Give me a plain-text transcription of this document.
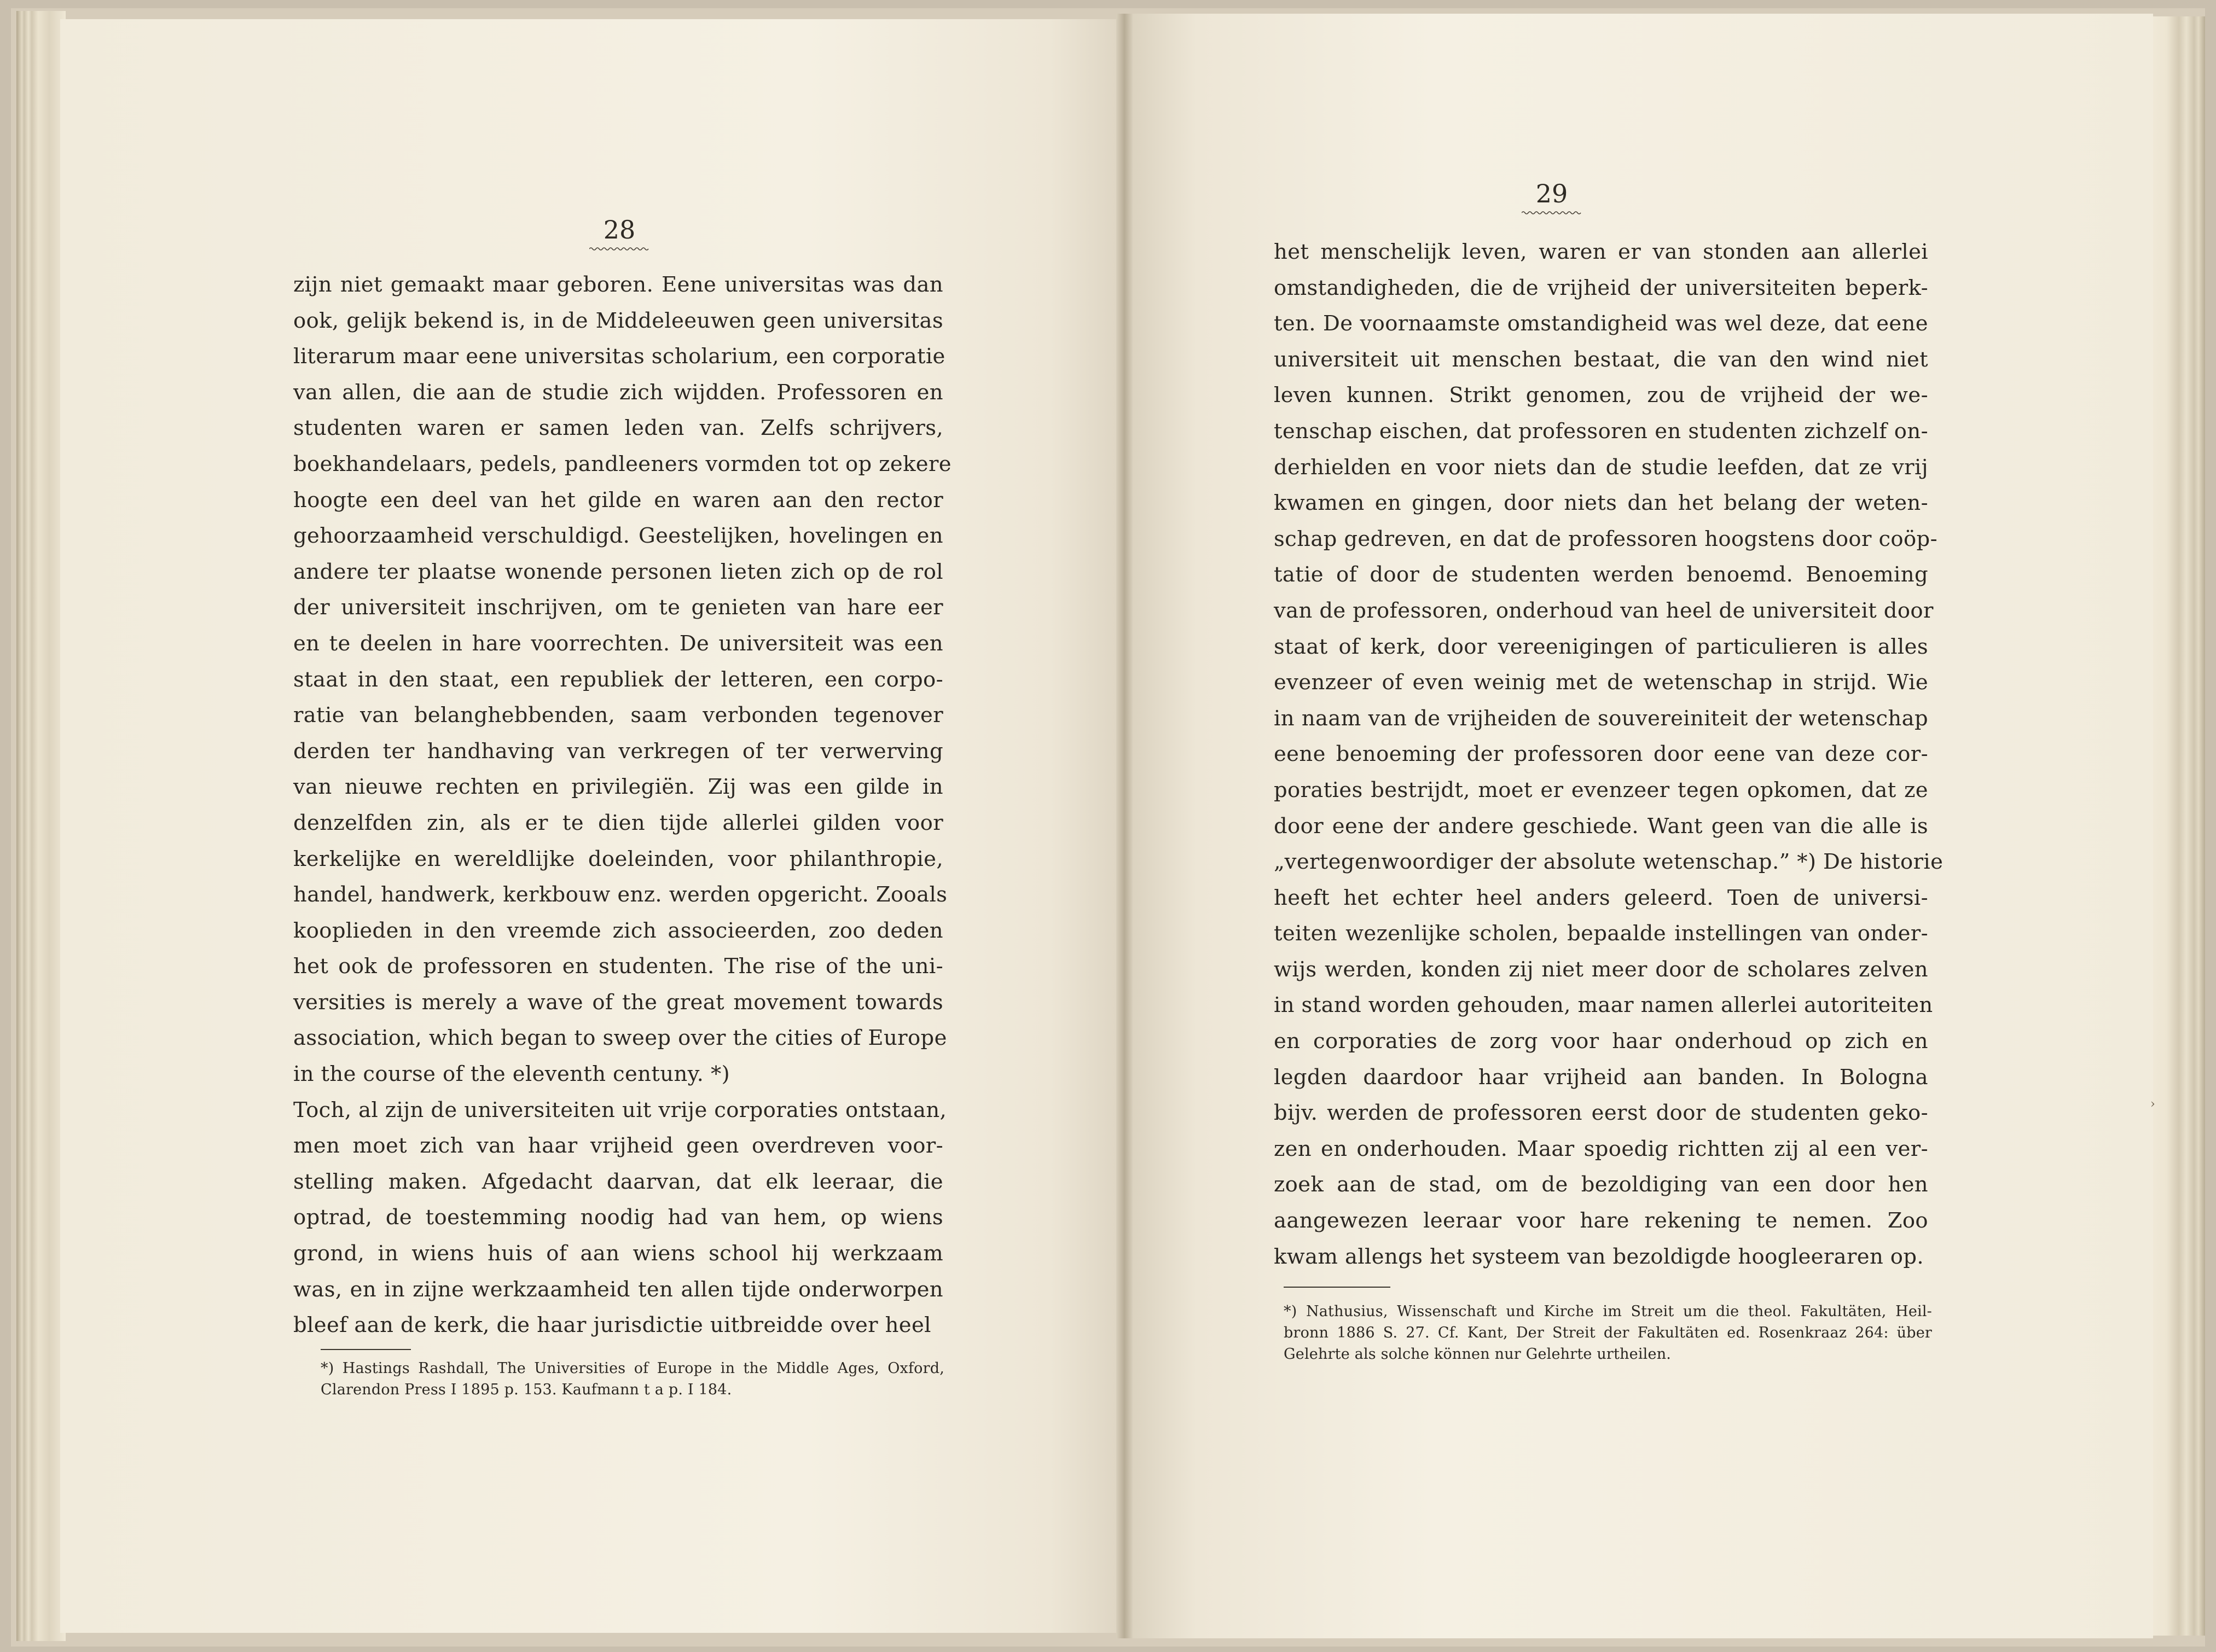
28
zijn niet gemaakt maar geboren. Eene universitas was dan
ook, gelijk bekend is, in de Middeleeuwen geen universitas
literarum maar eene universitas scholarium, een corporatie
van allen, die aan de studie zich wijdden. Professoren en
studenten waren er samen leden van. Zelfs schrijvers,
boekhandelaars, pedels, pandleeners vormden tot op zekere
hoogte een deel van het gilde en waren aan den rector
gehoorzaamheid verschuldigd. Geestelijken, hovelingen en
andere ter plaatse wonende personen lieten zich op de rol
der universiteit inschrijven, om te genieten van hare eer
en te deelen in hare voorrechten. De universiteit was een
staat in den staat, een republiek der letteren, een corpo-
ratie van belanghebbenden, saam verbonden tegenover
derden ter handhaving van verkregen of ter verwerving
van nieuwe rechten en privilegiën. Zij was een gilde in
denzelfden zin, als er te dien tijde allerlei gilden voor
kerkelijke en wereldlijke doeleinden, voor philanthropie,
handel, handwerk, kerkbouw enz. werden opgericht. Zooals
kooplieden in den vreemde zich associeerden, zoo deden
het ook de professoren en studenten. The rise of the uni-
versities is merely a wave of the great movement towards
association, which began to sweep over the cities of Europe
in the course of the eleventh centuny. *)
Toch, al zijn de universiteiten uit vrije corporaties ontstaan,
men moet zich van haar vrijheid geen overdreven voor-
stelling maken. Afgedacht daarvan, dat elk leeraar, die
optrad, de toestemming noodig had van hem, op wiens
grond, in wiens huis of aan wiens school hij werkzaam
was, en in zijne werkzaamheid ten allen tijde onderworpen
bleef aan de kerk, die haar jurisdictie uitbreidde over heel
*) Hastings Rashdall, The Universities of Europe in the Middle Ages, Oxford,
Clarendon Press I 1895 p. 153. Kaufmann t a p. I 184.
29
het menschelijk leven, waren er van stonden aan allerlei
omstandigheden, die de vrijheid der universiteiten beperk-
ten. De voornaamste omstandigheid was wel deze, dat eene
universiteit uit menschen bestaat, die van den wind niet
leven kunnen. Strikt genomen, zou de vrijheid der we-
tenschap eischen, dat professoren en studenten zichzelf on-
derhielden en voor niets dan de studie leefden, dat ze vrij
kwamen en gingen, door niets dan het belang der weten-
schap gedreven, en dat de professoren hoogstens door coöp-
tatie of door de studenten werden benoemd. Benoeming
van de professoren, onderhoud van heel de universiteit door
staat of kerk, door vereenigingen of particulieren is alles
evenzeer of even weinig met de wetenschap in strijd. Wie
in naam van de vrijheiden de souvereiniteit der wetenschap
eene benoeming der professoren door eene van deze cor-
poraties bestrijdt, moet er evenzeer tegen opkomen, dat ze
door eene der andere geschiede. Want geen van die alle is
„vertegenwoordiger der absolute wetenschap.” *) De historie
heeft het echter heel anders geleerd. Toen de universi-
teiten wezenlijke scholen, bepaalde instellingen van onder-
wijs werden, konden zij niet meer door de scholares zelven
in stand worden gehouden, maar namen allerlei autoriteiten
en corporaties de zorg voor haar onderhoud op zich en
legden daardoor haar vrijheid aan banden. In Bologna
bijv. werden de professoren eerst door de studenten geko-
zen en onderhouden. Maar spoedig richtten zij al een ver-
zoek aan de stad, om de bezoldiging van een door hen
aangewezen leeraar voor hare rekening te nemen. Zoo
kwam allengs het systeem van bezoldigde hoogleeraren op.
*) Nathusius, Wissenschaft und Kirche im Streit um die theol. Fakultäten, Heil-
bronn 1886 S. 27. Cf. Kant, Der Streit der Fakultäten ed. Rosenkraaz 264: über
Gelehrte als solche können nur Gelehrte urtheilen.
›
